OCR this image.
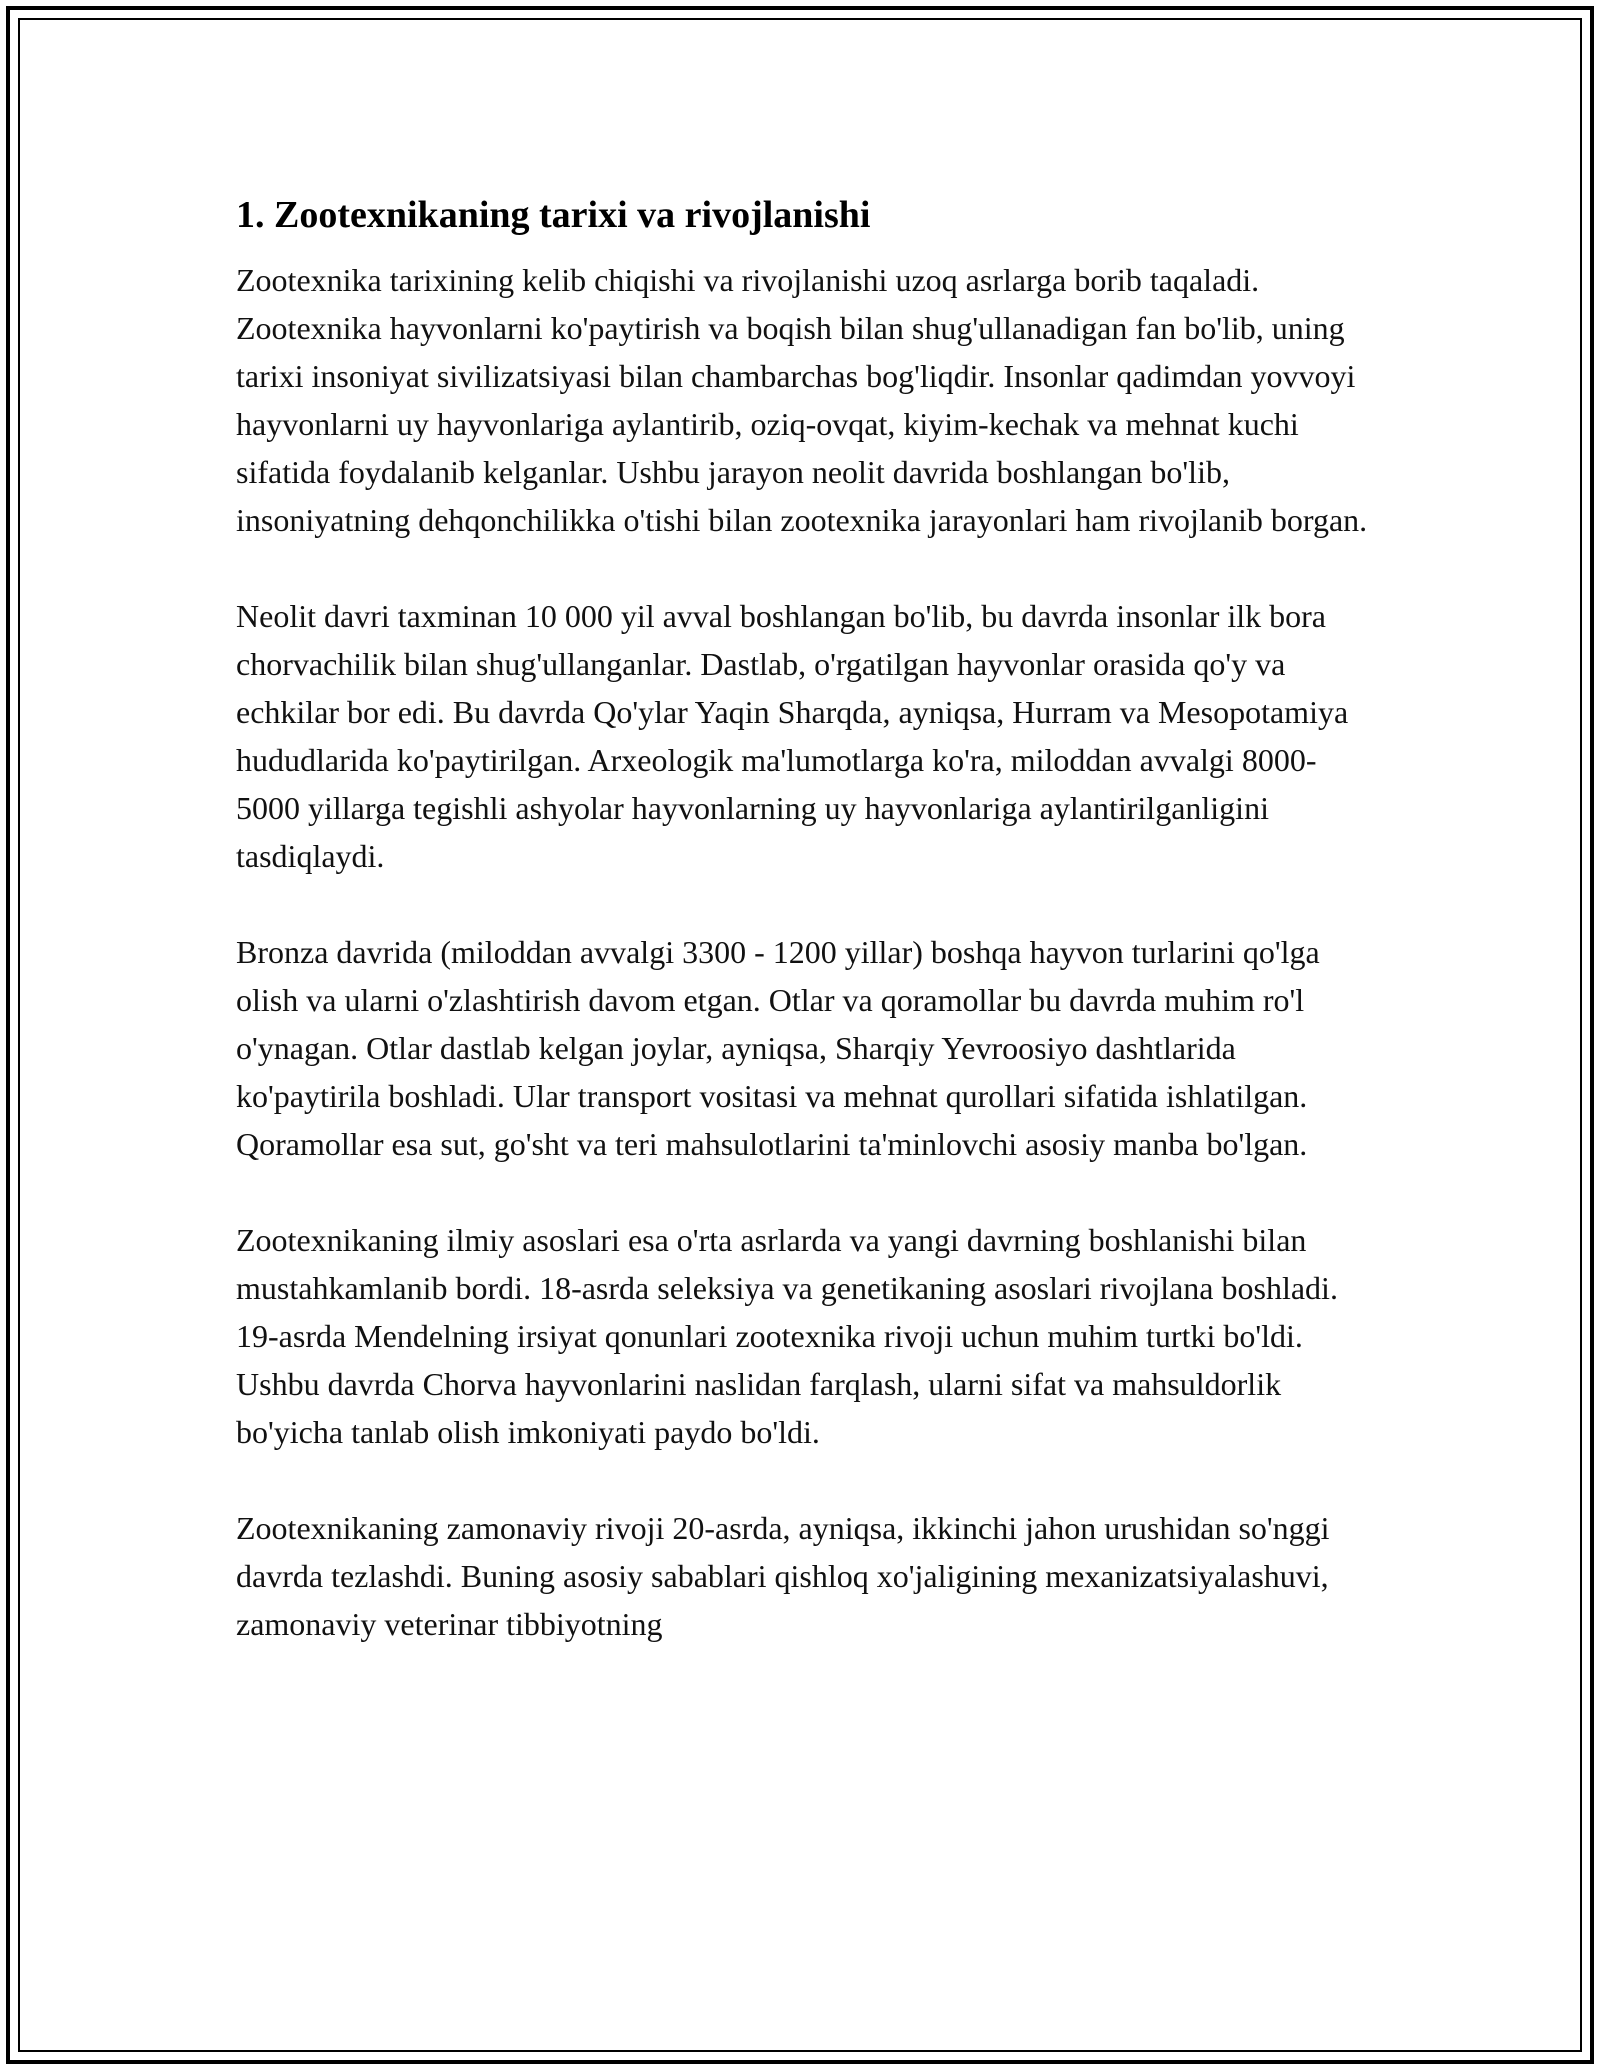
1. Zootexnikaning tarixi va rivojlanishi

Zootexnika tarixining kelib chiqishi va rivojlanishi uzoq asrlarga borib taqaladi. Zootexnika hayvonlarni ko'paytirish va boqish bilan shug'ullanadigan fan bo'lib, uning tarixi insoniyat sivilizatsiyasi bilan chambarchas bog'liqdir. Insonlar qadimdan yovvoyi hayvonlarni uy hayvonlariga aylantirib, oziq-ovqat, kiyim-kechak va mehnat kuchi sifatida foydalanib kelganlar. Ushbu jarayon neolit davrida boshlangan bo'lib, insoniyatning dehqonchilikka o'tishi bilan zootexnika jarayonlari ham rivojlanib borgan.

Neolit davri taxminan 10 000 yil avval boshlangan bo'lib, bu davrda insonlar ilk bora chorvachilik bilan shug'ullanganlar. Dastlab, o'rgatilgan hayvonlar orasida qo'y va echkilar bor edi. Bu davrda Qo'ylar Yaqin Sharqda, ayniqsa, Hurram va Mesopotamiya hududlarida ko'paytirilgan. Arxeologik ma'lumotlarga ko'ra, miloddan avvalgi 8000-5000 yillarga tegishli ashyolar hayvonlarning uy hayvonlariga aylantirilganligini tasdiqlaydi.

Bronza davrida (miloddan avvalgi 3300 - 1200 yillar) boshqa hayvon turlarini qo'lga olish va ularni o'zlashtirish davom etgan. Otlar va qoramollar bu davrda muhim ro'l o'ynagan. Otlar dastlab kelgan joylar, ayniqsa, Sharqiy Yevroosiyo dashtlarida ko'paytirila boshladi. Ular transport vositasi va mehnat qurollari sifatida ishlatilgan. Qoramollar esa sut, go'sht va teri mahsulotlarini ta'minlovchi asosiy manba bo'lgan.

Zootexnikaning ilmiy asoslari esa o'rta asrlarda va yangi davrning boshlanishi bilan mustahkamlanib bordi. 18-asrda seleksiya va genetikaning asoslari rivojlana boshladi. 19-asrda Mendelning irsiyat qonunlari zootexnika rivoji uchun muhim turtki bo'ldi. Ushbu davrda Chorva hayvonlarini naslidan farqlash, ularni sifat va mahsuldorlik bo'yicha tanlab olish imkoniyati paydo bo'ldi.

Zootexnikaning zamonaviy rivoji 20-asrda, ayniqsa, ikkinchi jahon urushidan so'nggi davrda tezlashdi. Buning asosiy sabablari qishloq xo'jaligining mexanizatsiyalashuvi, zamonaviy veterinar tibbiyotning
